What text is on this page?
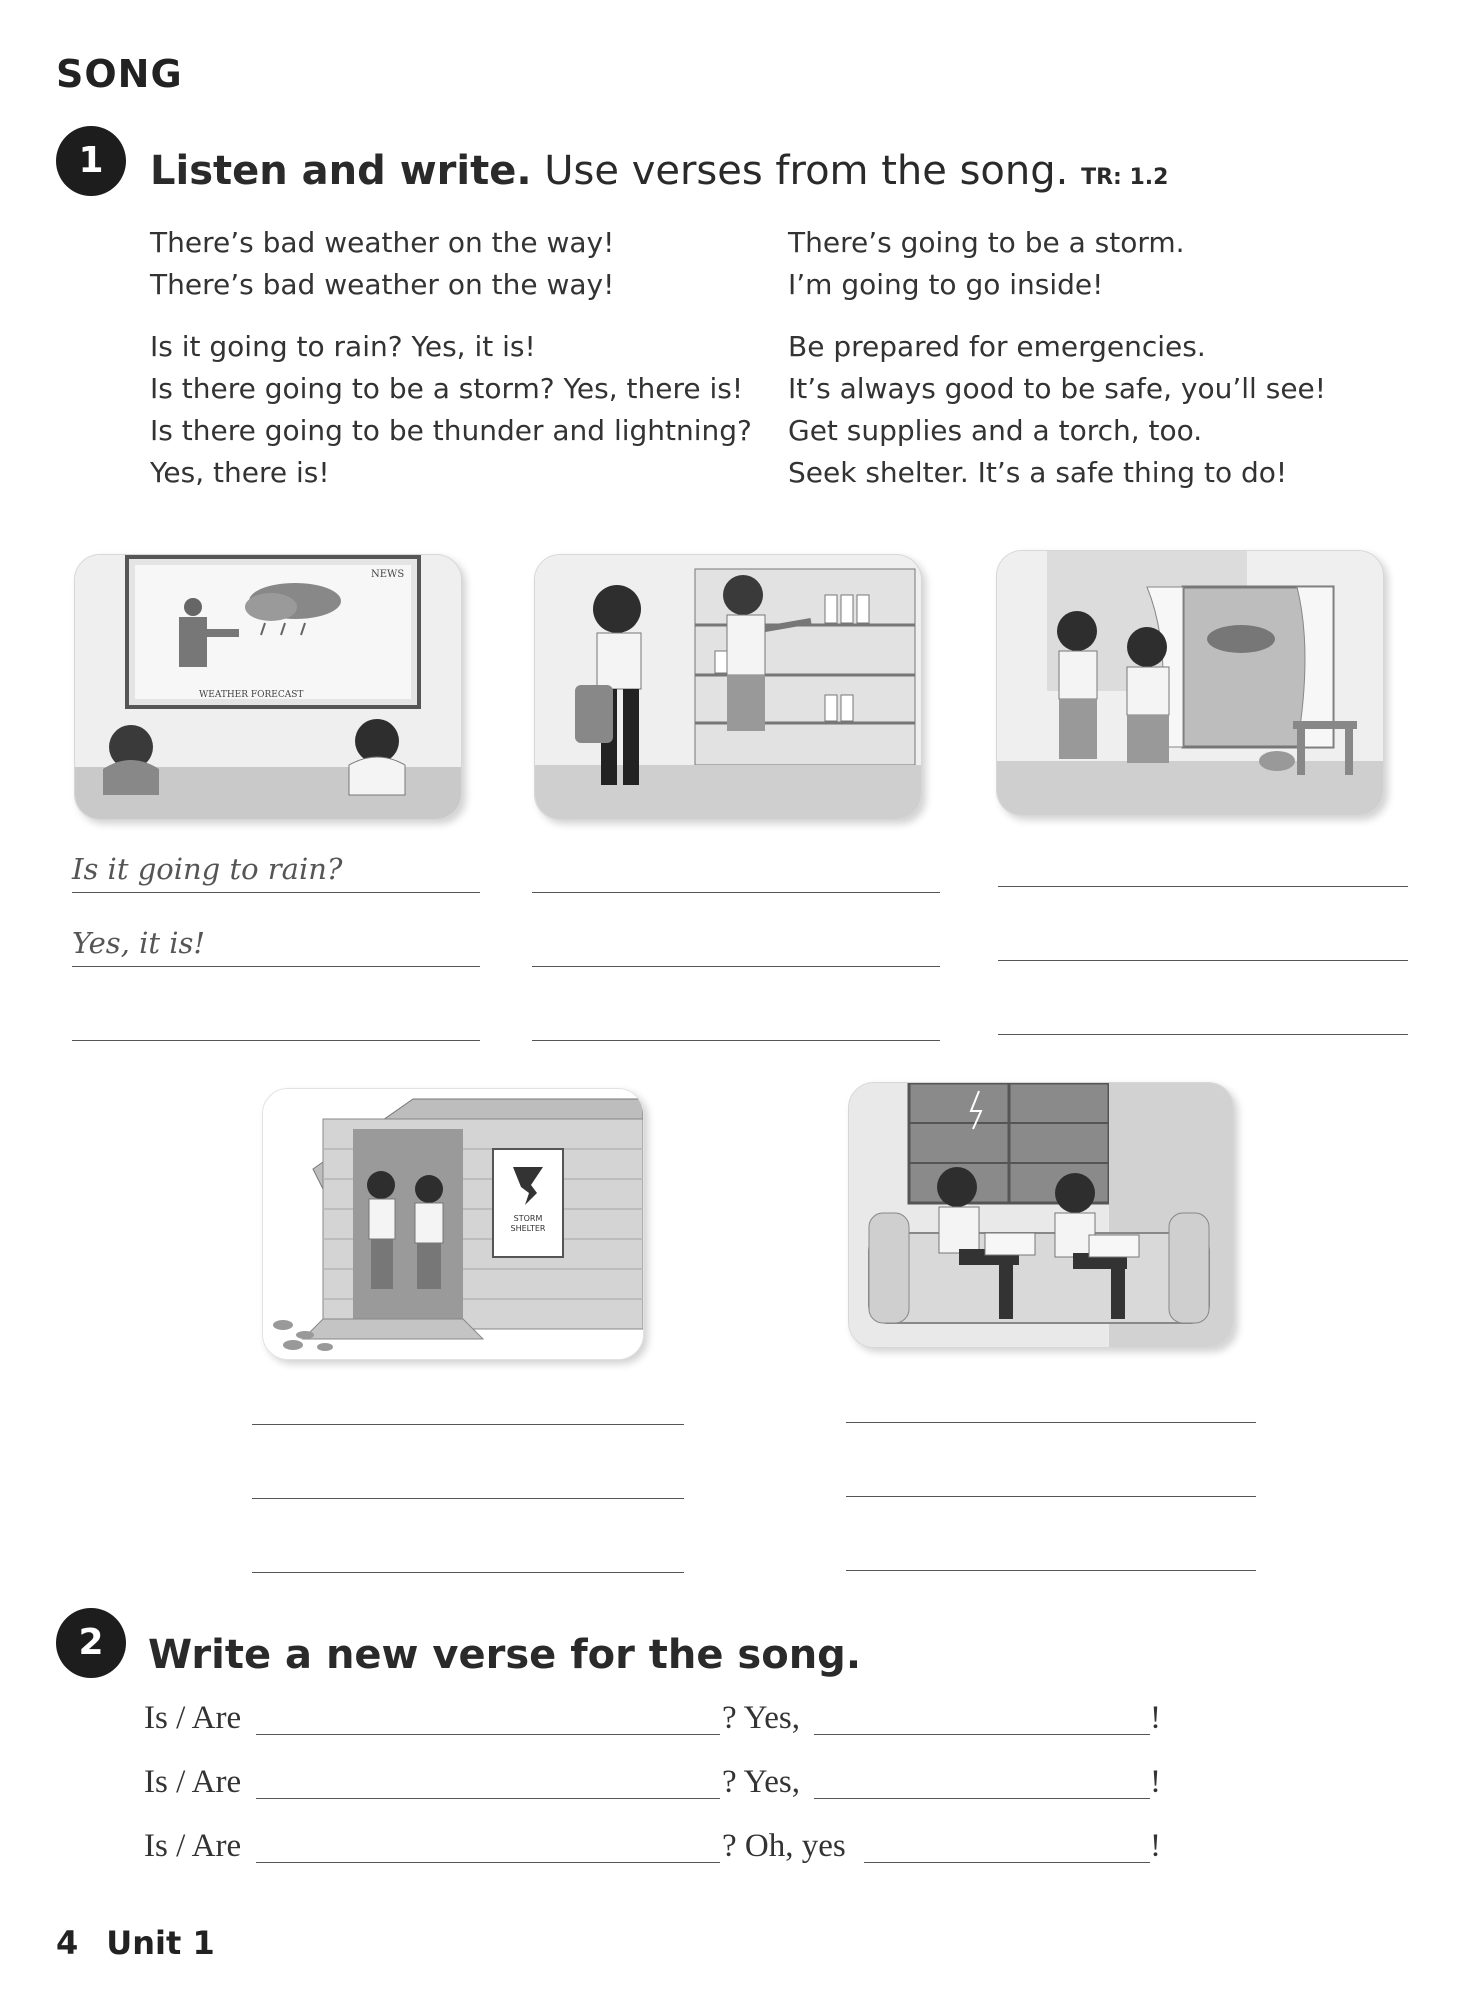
SONG
1	Listen and write. Use verses from the song. TR: 1.2
There’s bad weather on the way!
There’s bad weather on the way!
Is it going to rain? Yes, it is!
Is there going to be a storm? Yes, there is!
Is there going to be thunder and lightning?
Yes, there is!
There’s going to be a storm.
I’m going to go inside!
Be prepared for emergencies.
It’s always good to be safe, you’ll see!
Get supplies and a torch, too.
Seek shelter. It’s a safe thing to do!
NEWS
WEATHER FORECAST
Is it going to rain?
Yes, it is!
STORM
SHELTER
2	Write a new verse for the song.
Is / Are	? Yes,	!
Is / Are	? Yes,	!
Is / Are	? Oh, yes	!
4 Unit 1
